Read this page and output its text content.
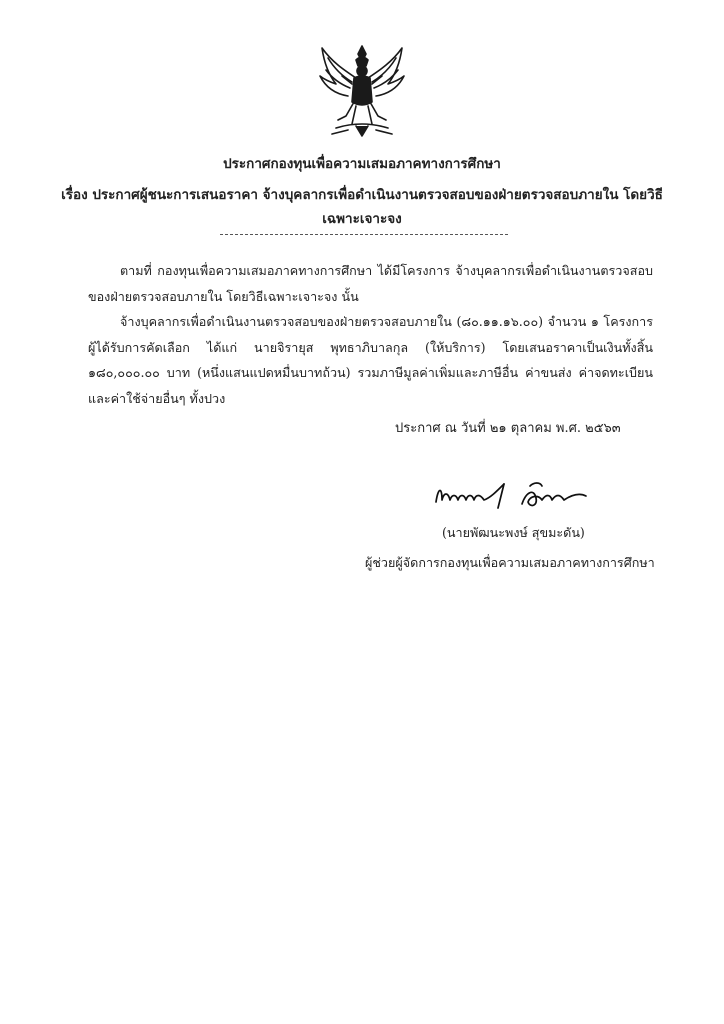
ประกาศกองทุนเพื่อความเสมอภาคทางการศึกษา
เรื่อง ประกาศผู้ชนะการเสนอราคา จ้างบุคลากรเพื่อดำเนินงานตรวจสอบของฝ่ายตรวจสอบภายใน โดยวิธี
เฉพาะเจาะจง
ตามที่ กองทุนเพื่อความเสมอภาคทางการศึกษา ได้มีโครงการ จ้างบุคลากรเพื่อดำเนินงานตรวจสอบของฝ่ายตรวจสอบภายใน โดยวิธีเฉพาะเจาะจง นั้น
จ้างบุคลากรเพื่อดำเนินงานตรวจสอบของฝ่ายตรวจสอบภายใน (๘๐.๑๑.๑๖.๐๐) จำนวน ๑ โครงการ ผู้ได้รับการคัดเลือก ได้แก่ นายจิรายุส พุทธาภิบาลกุล (ให้บริการ) โดยเสนอราคาเป็นเงินทั้งสิ้น ๑๘๐,๐๐๐.๐๐ บาท (หนึ่งแสนแปดหมื่นบาทถ้วน) รวมภาษีมูลค่าเพิ่มและภาษีอื่น ค่าขนส่ง ค่าจดทะเบียน และค่าใช้จ่ายอื่นๆ ทั้งปวง
ประกาศ ณ วันที่ ๒๑ ตุลาคม พ.ศ. ๒๕๖๓
(นายพัฒนะพงษ์ สุขมะดัน)
ผู้ช่วยผู้จัดการกองทุนเพื่อความเสมอภาคทางการศึกษา
